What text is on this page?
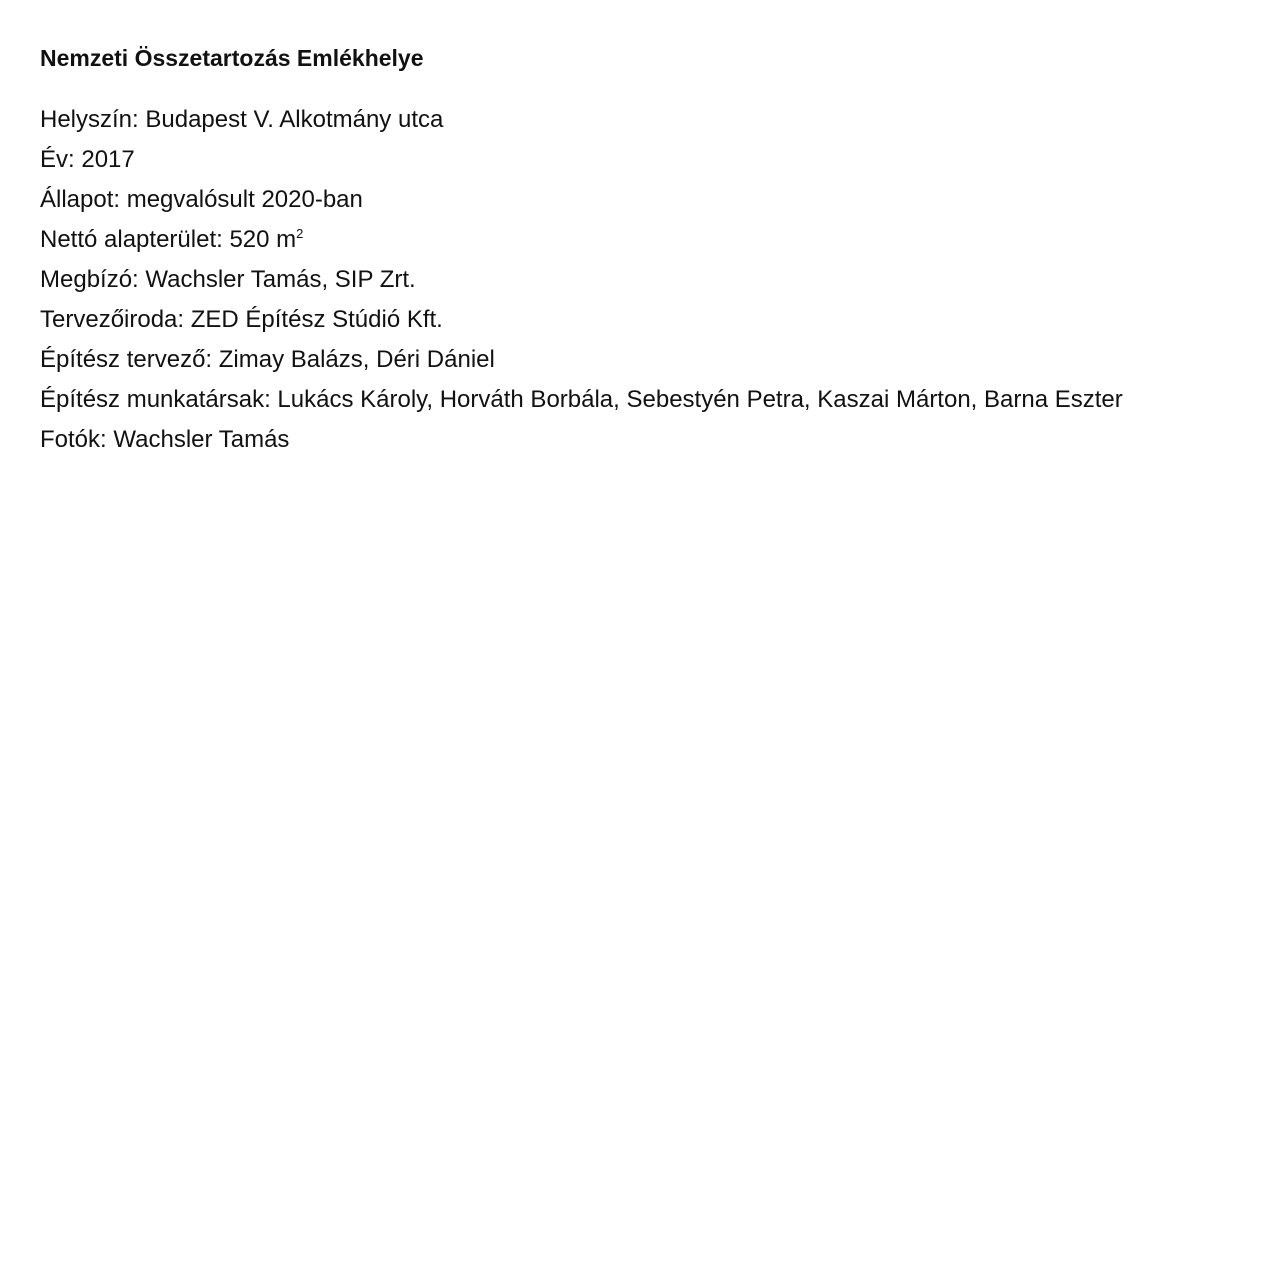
Nemzeti Összetartozás Emlékhelye
Helyszín: Budapest V. Alkotmány utca
Év: 2017
Állapot: megvalósult 2020-ban
Nettó alapterület: 520 $m^2$
Megbízó: Wachsler Tamás, SIP Zrt.
Tervezőiroda: ZED Építész Stúdió Kft.
Építész tervező: Zimay Balázs, Déri Dániel
Építész munkatársak: Lukács Károly, Horváth Borbála, Sebestyén Petra, Kaszai Márton, Barna Eszter
Fotók: Wachsler Tamás
